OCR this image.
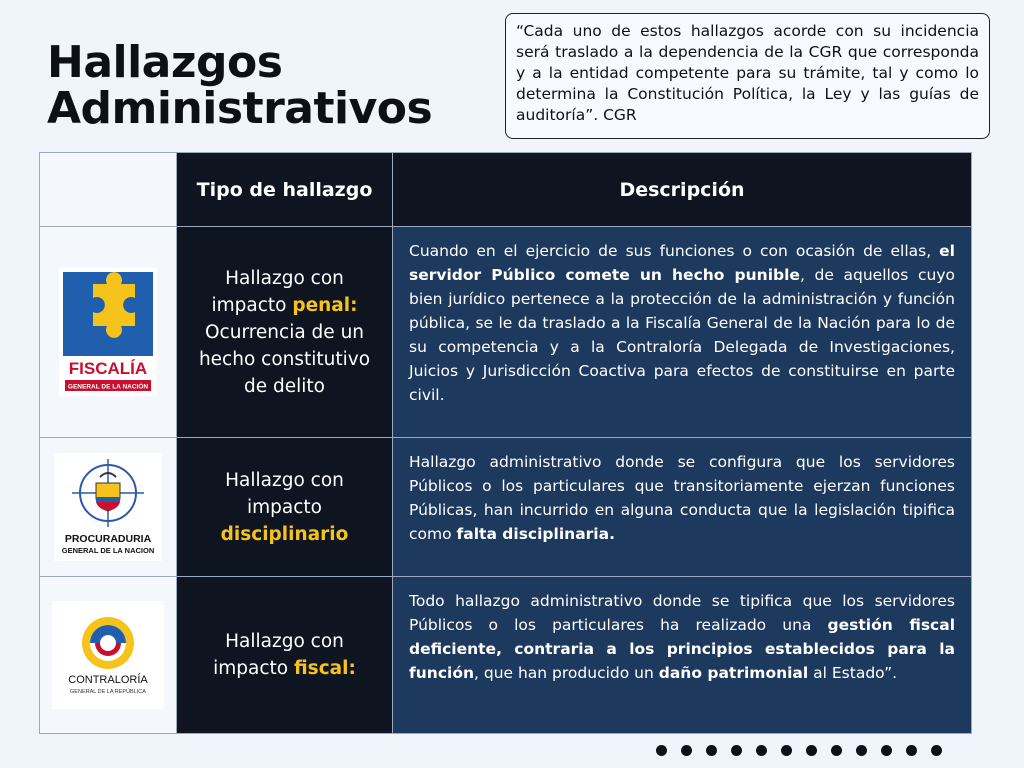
Hallazgos
Administrativos
“Cada uno de estos hallazgos acorde con su incidencia será traslado a la dependencia de la CGR que corresponda y a la entidad competente para su trámite, tal y como lo determina la Constitución Política, la Ley y las guías de auditoría”. CGR
	Tipo de hallazgo	Descripción

FISCALÍA
GENERAL DE LA NACIÓN	Hallazgo con impacto penal: Ocurrencia de un hecho constitutivo de delito	Cuando en el ejercicio de sus funciones o con ocasión de ellas, el servidor Público comete un hecho punible, de aquellos cuyo bien jurídico pertenece a la protección de la administración y función pública, se le da traslado a la Fiscalía General de la Nación para lo de su competencia y a la Contraloría Delegada de Investigaciones, Juicios y Jurisdicción Coactiva para efectos de constituirse en parte civil.

PROCURADURIA
GENERAL DE LA NACION	Hallazgo con impacto disciplinario	Hallazgo administrativo donde se configura que los servidores Públicos o los particulares que transitoriamente ejerzan funciones Públicas, han incurrido en alguna conducta que la legislación tipifica como falta disciplinaria.

CONTRALORÍA
GENERAL DE LA REPÚBLICA	Hallazgo con impacto fiscal:	Todo hallazgo administrativo donde se tipifica que los servidores Públicos o los particulares ha realizado una gestión fiscal deficiente, contraria a los principios establecidos para la función, que han producido un daño patrimonial al Estado”.
